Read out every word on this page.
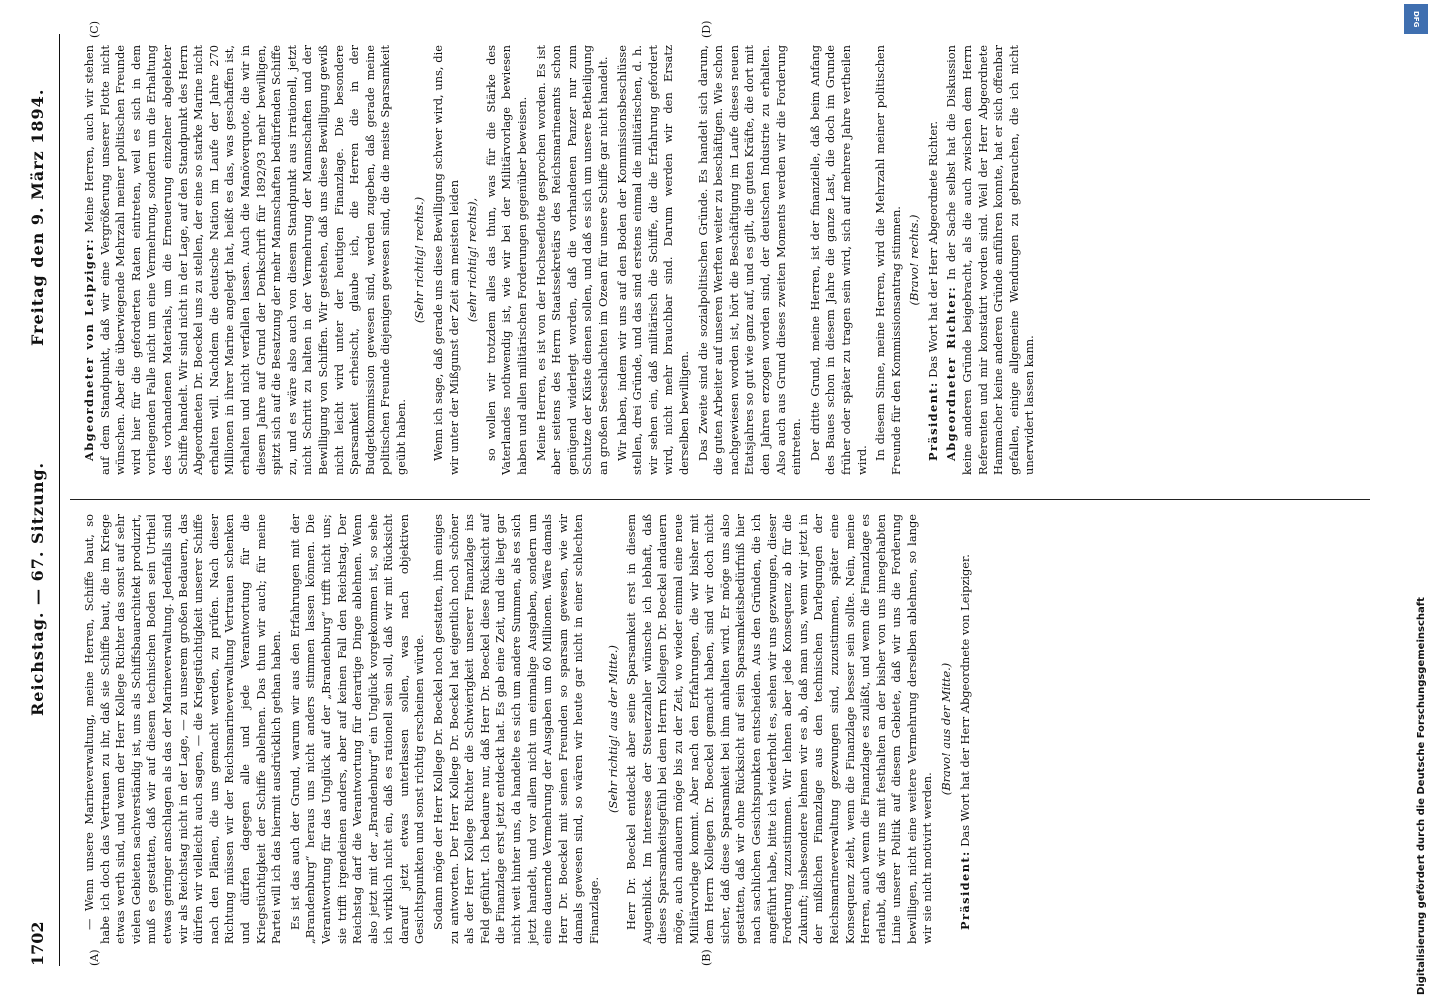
1702
Reichstag. — 67. Sitzung.
Freitag den 9. März 1894.
(A)	(B)
(C)	(D)

— Wenn unsere Marineverwaltung, meine Herren, Schiffe baut, so habe ich doch das Vertrauen zu ihr, daß sie Schiffe baut, die im Kriege etwas werth sind, und wenn der Herr Kollege Richter das sonst auf sehr vielen Gebieten sachverständig ist, uns als Schiffsbauarchitekt produzirt, muß es gestatten, daß wir auf diesem technischen Boden sein Urtheil etwas geringer anschlagen als das der Marineverwaltung. Jedenfalls sind wir als Reichstag nicht in der Lage, — zu unserem großen Bedauern, das dürfen wir vielleicht auch sagen, — die Kriegstüchtigkeit unserer Schiffe nach den Plänen, die uns gemacht werden, zu prüfen. Nach dieser Richtung müssen wir der Reichsmarineverwaltung Vertrauen schenken und dürfen dagegen alle und jede Verantwortung für die Kriegstüchtigkeit der Schiffe ablehnen. Das thun wir auch; für meine Partei will ich das hiermit ausdrücklich gethan haben. Es ist das auch der Grund, warum wir aus den Erfahrungen mit der „Brandenburg“ heraus uns nicht anders stimmen lassen können. Die Verantwortung für das Unglück auf der „Brandenburg“ trifft nicht uns; sie trifft irgendeinen anders, aber auf keinen Fall den Reichstag. Der Reichstag darf die Verantwortung für derartige Dinge ablehnen. Wenn also jetzt mit der „Brandenburg“ ein Unglück vorgekommen ist, so sehe ich wirklich nicht ein, daß es rationell sein soll, daß wir mit Rücksicht darauf jetzt etwas unterlassen sollen, was nach objektiven Gesichtspunkten und sonst richtig erscheinen würde. Sodann möge der Herr Kollege Dr. Boeckel noch gestatten, ihm einiges zu antworten. Der Herr Kollege Dr. Boeckel hat eigentlich noch schöner als der Herr Kollege Richter die Schwierigkeit unserer Finanzlage ins Feld geführt. Ich bedaure nur, daß Herr Dr. Boeckel diese Rücksicht auf die Finanzlage erst jetzt entdeckt hat. Es gab eine Zeit, und die liegt gar nicht weit hinter uns, da handelte es sich um andere Summen, als es sich jetzt handelt, und vor allem nicht um einmalige Ausgaben, sondern um eine dauernde Vermehrung der Ausgaben um 60 Millionen. Wäre damals Herr Dr. Boeckel mit seinen Freunden so sparsam gewesen, wie wir damals gewesen sind, so wären wir heute gar nicht in einer schlechten Finanzlage.

(Sehr richtig! aus der Mitte.) Herr Dr. Boeckel entdeckt aber seine Sparsamkeit erst in diesem Augenblick. Im Interesse der Steuerzahler wünsche ich lebhaft, daß dieses Sparsamkeitsgefühl bei dem Herrn Kollegen Dr. Boeckel andauern möge, auch andauern möge bis zu der Zeit, wo wieder einmal eine neue Militärvorlage kommt. Aber nach den Erfahrungen, die wir bisher mit dem Herrn Kollegen Dr. Boeckel gemacht haben, sind wir doch nicht sicher, daß diese Sparsamkeit bei ihm anhalten wird. Er möge uns also gestatten, daß wir ohne Rücksicht auf sein Sparsamkeitsbedürfniß hier nach sachlichen Gesichtspunkten entscheiden. Aus den Gründen, die ich angeführt habe, bitte ich wiederholt es, sehen wir uns gezwungen, dieser Forderung zuzustimmen. Wir lehnen aber jede Konsequenz ab für die Zukunft; insbesondere lehnen wir es ab, daß man uns, wenn wir jetzt in der mißlichen Finanzlage aus den technischen Darlegungen der Reichsmarineverwaltung gezwungen sind, zuzustimmen, später eine Konsequenz zieht, wenn die Finanzlage besser sein sollte. Nein, meine Herren, auch wenn die Finanzlage es zuläßt, und wenn die Finanzlage es erlaubt, daß wir uns mit festhalten an der bisher von uns innegehabten Linie unserer Politik auf diesem Gebiete, daß wir uns die Forderung bewilligen, nicht eine weitere Vermehrung derselben ablehnen, so lange wir sie nicht motivirt werden.

(Bravo! aus der Mitte.)

Präsident: Das Wort hat der Herr Abgeordnete von Leipziger.

Abgeordneter von Leipziger: Meine Herren, auch wir stehen auf dem Standpunkt, daß wir eine Vergrößerung unserer Flotte nicht wünschen. Aber die überwiegende Mehrzahl meiner politischen Freunde wird hier für die geforderten Raten eintreten, weil es sich in dem vorliegenden Falle nicht um eine Vermehrung, sondern um die Erhaltung des vorhandenen Materials, um die Erneuerung einzelner abgelebter Schiffe handelt. Wir sind nicht in der Lage, auf den Standpunkt des Herrn Abgeordneten Dr. Boeckel uns zu stellen, der eine so starke Marine nicht erhalten will. Nachdem die deutsche Nation im Laufe der Jahre 270 Millionen in ihrer Marine angelegt hat, heißt es das, was geschaffen ist, erhalten und nicht verfallen lassen. Auch die Manöverquote, die wir in diesem Jahre auf Grund der Denkschrift für 1892/93 mehr bewilligen, spitzt sich auf die Besatzung der mehr Mannschaften bedürfenden Schiffe zu, und es wäre also auch von diesem Standpunkt aus irrationell, jetzt nicht Schritt zu halten in der Vermehrung der Mannschaften und der Bewilligung von Schiffen. Wir gestehen, daß uns diese Bewilligung gewiß nicht leicht wird unter der heutigen Finanzlage. Die besondere Sparsamkeit erheischt, glaube ich, die Herren die in der Budgetkommission gewesen sind, werden zugeben, daß gerade meine politischen Freunde diejenigen gewesen sind, die die meiste Sparsamkeit geübt haben.

(Sehr richtig! rechts.) Wenn ich sage, daß gerade uns diese Bewilligung schwer wird, uns, die wir unter der Mißgunst der Zeit am meisten leiden (sehr richtig! rechts), so wollen wir trotzdem alles das thun, was für die Stärke des Vaterlandes nothwendig ist, wie wir bei der Militärvorlage bewiesen haben und allen militärischen Forderungen gegenüber beweisen. Meine Herren, es ist von der Hochseeflotte gesprochen worden. Es ist aber seitens des Herrn Staatssekretärs des Reichsmarineamts schon genügend widerlegt worden, daß die vorhandenen Panzer nur zum Schutze der Küste dienen sollen, und daß es sich um unsere Betheiligung an großen Seeschlachten im Ozean für unsere Schiffe gar nicht handelt. Wir haben, indem wir uns auf den Boden der Kommissionsbeschlüsse stellen, drei Gründe, und das sind erstens einmal die militärischen, d. h. wir sehen ein, daß militärisch die Schiffe, die die Erfahrung gefordert wird, nicht mehr brauchbar sind. Darum werden wir den Ersatz derselben bewilligen. Das Zweite sind die sozialpolitischen Gründe. Es handelt sich darum, die guten Arbeiter auf unseren Werften weiter zu beschäftigen. Wie schon nachgewiesen worden ist, hört die Beschäftigung im Laufe dieses neuen Etatsjahres so gut wie ganz auf, und es gilt, die guten Kräfte, die dort mit den Jahren erzogen worden sind, der deutschen Industrie zu erhalten. Also auch aus Grund dieses zweiten Moments werden wir die Forderung eintreten. Der dritte Grund, meine Herren, ist der finanzielle, daß beim Anfang des Baues schon in diesem Jahre die ganze Last, die doch im Grunde früher oder später zu tragen sein wird, sich auf mehrere Jahre vertheilen wird. In diesem Sinne, meine Herren, wird die Mehrzahl meiner politischen Freunde für den Kommissionsantrag stimmen. (Bravo! rechts.)

Präsident: Das Wort hat der Herr Abgeordnete Richter. Abgeordneter Richter: In der Sache selbst hat die Diskussion keine anderen Gründe beigebracht, als die auch zwischen dem Herrn Referenten und mir konstatirt worden sind. Weil der Herr Abgeordnete Hammacher keine anderen Gründe anführen konnte, hat er sich offenbar gefallen, einige allgemeine Wendungen zu gebrauchen, die ich nicht unerwidert lassen kann.

DFG
Digitalisierung gefördert durch die Deutsche Forschungsgemeinschaft
